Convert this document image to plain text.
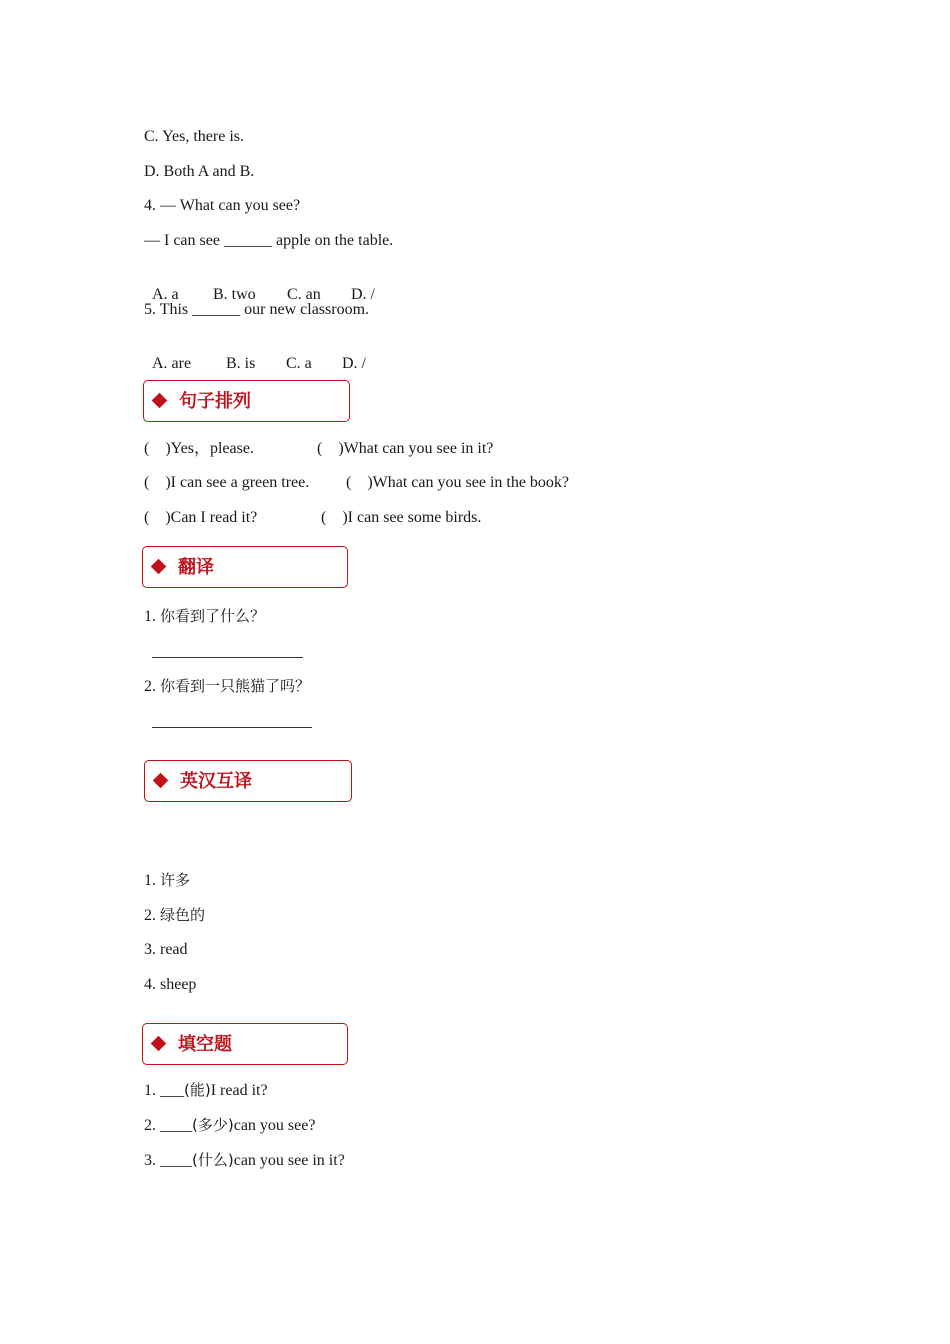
C. Yes, there is.
D. Both A and B.
4. — What can you see?
— I can see ______ apple on the table.

A. a B. two C. an D. /

5. This ______ our new classroom.

A. are B. is C. a D. /

句子排列
(    )Yes，please.	(    )What can you see in it?
(    )I can see a green tree. (    )What can you see in the book?
(    )Can I read it?	(    )I can see some birds.
翻译
1. 你看到了什么？
2. 你看到一只熊猫了吗？
英汉互译
1. 许多
2. 绿色的
3. read
4. sheep
填空题
1. ___(能)I read it?
2. ____(多少)can you see?
3. ____(什么)can you see in it?
